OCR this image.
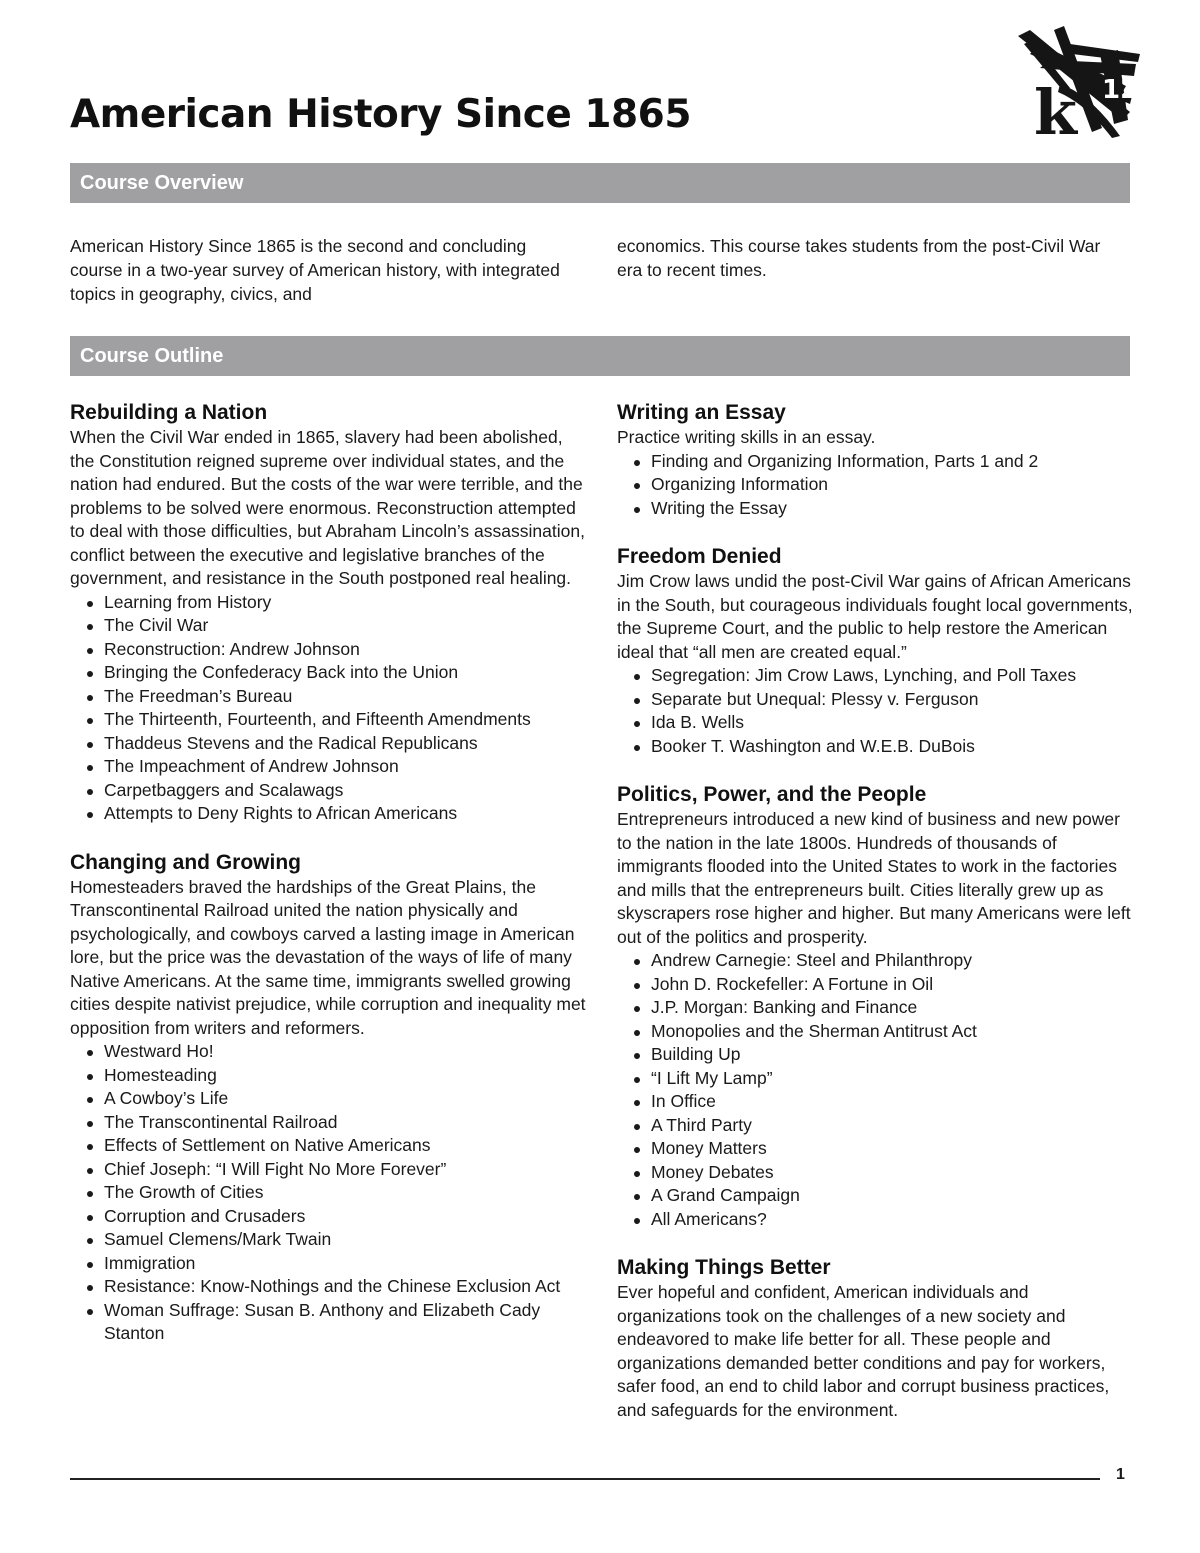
American History Since 1865	k 12
Course Overview

American History Since 1865 is the second and concluding course in a two-year survey of American history, with integrated topics in geography, civics, and

economics. This course takes students from the post-Civil War era to recent times.

Course Outline
Rebuilding a Nation

When the Civil War ended in 1865, slavery had been abolished, the Constitution reigned supreme over individual states, and the nation had endured. But the costs of the war were terrible, and the problems to be solved were enormous. Reconstruction attempted to deal with those difficulties, but Abraham Lincoln’s assassination, conflict between the executive and legislative branches of the government, and resistance in the South postponed real healing.

Learning from History
The Civil War
Reconstruction: Andrew Johnson
Bringing the Confederacy Back into the Union
The Freedman’s Bureau
The Thirteenth, Fourteenth, and Fifteenth Amendments
Thaddeus Stevens and the Radical Republicans
The Impeachment of Andrew Johnson
Carpetbaggers and Scalawags
Attempts to Deny Rights to African Americans
Changing and Growing

Homesteaders braved the hardships of the Great Plains, the Transcontinental Railroad united the nation physically and psychologically, and cowboys carved a lasting image in American lore, but the price was the devastation of the ways of life of many Native Americans. At the same time, immigrants swelled growing cities despite nativist prejudice, while corruption and inequality met opposition from writers and reformers.

Westward Ho!
Homesteading
A Cowboy’s Life
The Transcontinental Railroad
Effects of Settlement on Native Americans
Chief Joseph: “I Will Fight No More Forever”
The Growth of Cities
Corruption and Crusaders
Samuel Clemens/Mark Twain
Immigration
Resistance: Know-Nothings and the Chinese Exclusion Act
Woman Suffrage: Susan B. Anthony and Elizabeth Cady Stanton
Writing an Essay

Practice writing skills in an essay.

Finding and Organizing Information, Parts 1 and 2
Organizing Information
Writing the Essay
Freedom Denied

Jim Crow laws undid the post-Civil War gains of African Americans in the South, but courageous individuals fought local governments, the Supreme Court, and the public to help restore the American ideal that “all men are created equal.”

Segregation: Jim Crow Laws, Lynching, and Poll Taxes
Separate but Unequal: Plessy v. Ferguson
Ida B. Wells
Booker T. Washington and W.E.B. DuBois
Politics, Power, and the People

Entrepreneurs introduced a new kind of business and new power to the nation in the late 1800s. Hundreds of thousands of immigrants flooded into the United States to work in the factories and mills that the entrepreneurs built. Cities literally grew up as skyscrapers rose higher and higher. But many Americans were left out of the politics and prosperity.

Andrew Carnegie: Steel and Philanthropy
John D. Rockefeller: A Fortune in Oil
J.P. Morgan: Banking and Finance
Monopolies and the Sherman Antitrust Act
Building Up
“I Lift My Lamp”
In Office
A Third Party
Money Matters
Money Debates
A Grand Campaign
All Americans?
Making Things Better

Ever hopeful and confident, American individuals and organizations took on the challenges of a new society and endeavored to make life better for all. These people and organizations demanded better conditions and pay for workers, safer food, an end to child labor and corrupt business practices, and safeguards for the environment.

1
